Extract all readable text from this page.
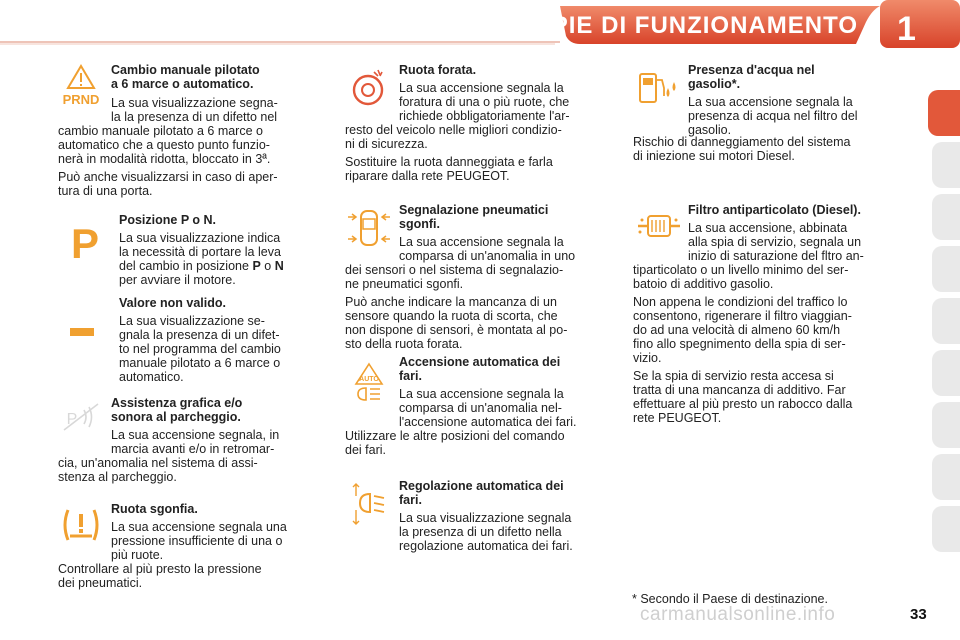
SPIE DI FUNZIONAMENTO 1
PRND
Cambio manuale pilotato
a 6 marce o automatico.
La sua visualizzazione segna-
la la presenza di un difetto nel
cambio manuale pilotato a 6 marce o
automatico che a questo punto funzio-
nerà in modalità ridotta, bloccato in 3ª.
Può anche visualizzarsi in caso di aper-
tura di una porta.
P Posizione P o N.
La sua visualizzazione indica
la necessità di portare la leva
del cambio in posizione P o N
per avviare il motore.
Valore non valido.
La sua visualizzazione se-
gnala la presenza di un difet-
to nel programma del cambio
manuale pilotato a 6 marce o
automatico.
P
Assistenza grafica e/o
sonora al parcheggio.
La sua accensione segnala, in
marcia avanti e/o in retromar-
cia, un'anomalia nel sistema di assi-
stenza al parcheggio.
Ruota sgonfia.
La sua accensione segnala una
pressione insufficiente di una o
più ruote.
Controllare al più presto la pressione
dei pneumatici.
Ruota forata.
La sua accensione segnala la
foratura di una o più ruote, che
richiede obbligatoriamente l'ar-
resto del veicolo nelle migliori condizio-
ni di sicurezza.
Sostituire la ruota danneggiata e farla
riparare dalla rete PEUGEOT.
Segnalazione pneumatici
sgonfi.
La sua accensione segnala la
comparsa di un'anomalia in uno
dei sensori o nel sistema di segnalazio-
ne pneumatici sgonfi.
Può anche indicare la mancanza di un
sensore quando la ruota di scorta, che
non dispone di sensori, è montata al po-
sto della ruota forata.
AUTO
Accensione automatica dei
fari.
La sua accensione segnala la
comparsa di un'anomalia nel-
l'accensione automatica dei fari.
Utilizzare le altre posizioni del comando
dei fari.
Regolazione automatica dei
fari.
La sua visualizzazione segnala
la presenza di un difetto nella
regolazione automatica dei fari.
Presenza d'acqua nel
gasolio*.
La sua accensione segnala la
presenza di acqua nel filtro del
gasolio.
Rischio di danneggiamento del sistema
di iniezione sui motori Diesel.
Filtro antiparticolato (Diesel).
La sua accensione, abbinata
alla spia di servizio, segnala un
inizio di saturazione del fltro an-
tiparticolato o un livello minimo del ser-
batoio di additivo gasolio.
Non appena le condizioni del traffico lo
consentono, rigenerare il filtro viaggian-
do ad una velocità di almeno 60 km/h
fino allo spegnimento della spia di ser-
vizio.
Se la spia di servizio resta accesa si
tratta di una mancanza di additivo. Far
effettuare al più presto un rabocco dalla
rete PEUGEOT.
* Secondo il Paese di destinazione.
carmanualsonline.info	33
